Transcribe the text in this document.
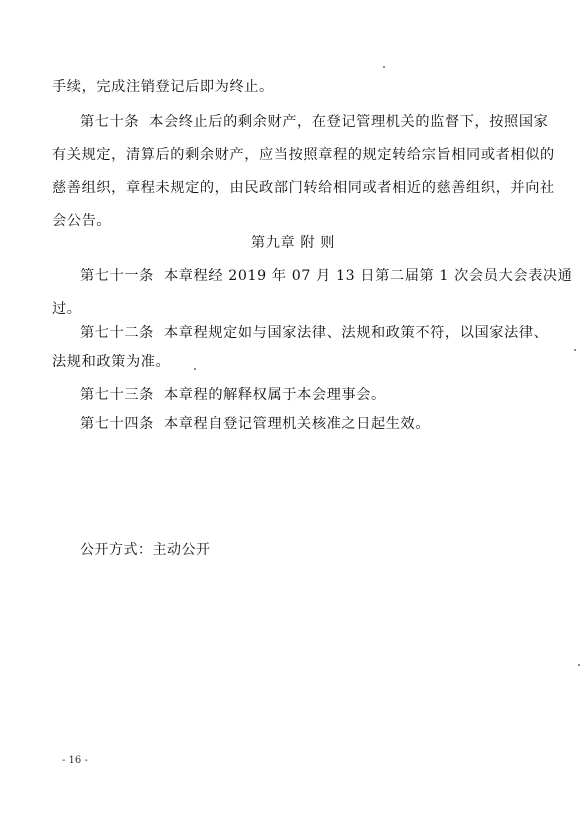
手续，完成注销登记后即为终止。
第七十条 本会终止后的剩余财产，在登记管理机关的监督下，按照国家
有关规定，清算后的剩余财产，应当按照章程的规定转给宗旨相同或者相似的
慈善组织，章程未规定的，由民政部门转给相同或者相近的慈善组织，并向社
会公告。
第九章 附 则
第七十一条 本章程经 2019 年 07 月 13 日第二届第 1 次会员大会表决通
过。
第七十二条 本章程规定如与国家法律、法规和政策不符，以国家法律、
法规和政策为准。
第七十三条 本章程的解释权属于本会理事会。
第七十四条 本章程自登记管理机关核准之日起生效。
公开方式：主动公开
- 16 -
